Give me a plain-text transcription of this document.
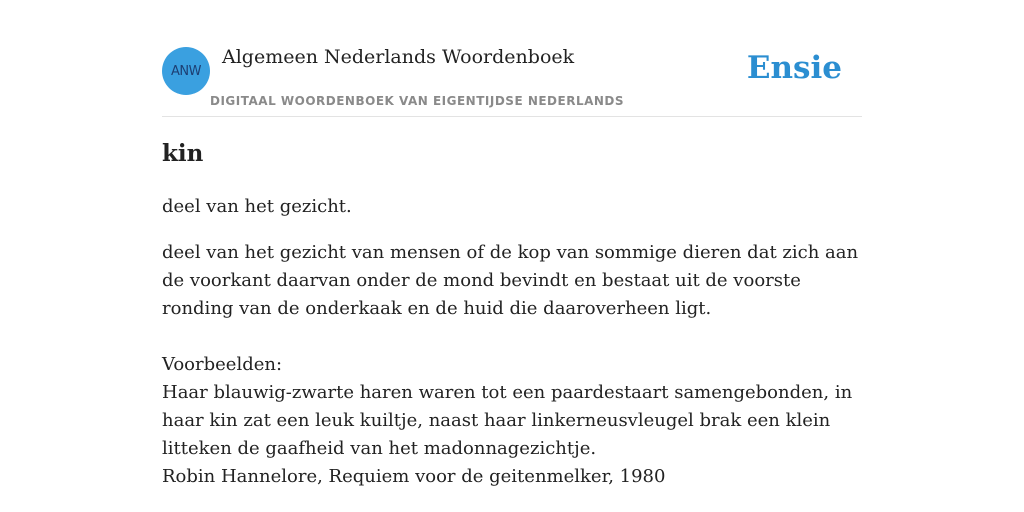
ANW
Algemeen Nederlands Woordenboek
DIGITAAL WOORDENBOEK VAN EIGENTIJDSE NEDERLANDS
Ensie
kin

deel van het gezicht.

deel van het gezicht van mensen of de kop van sommige dieren dat zich aan de voorkant daarvan onder de mond bevindt en bestaat uit de voorste ronding van de onderkaak en de huid die daaroverheen ligt.

Voorbeelden:

Haar blauwig-zwarte haren waren tot een paardestaart samengebonden, in haar kin zat een leuk kuiltje, naast haar linkerneusvleugel brak een klein litteken de gaafheid van het madonnagezichtje.

Robin Hannelore, Requiem voor de geitenmelker, 1980
